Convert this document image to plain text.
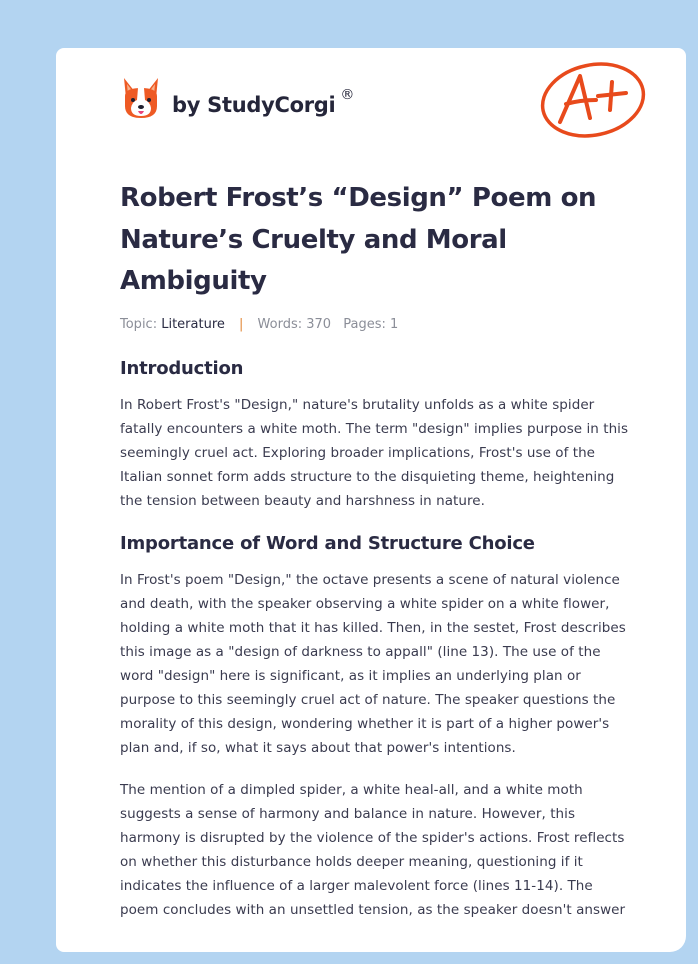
by StudyCorgi ®
Robert Frost’s “Design” Poem on Nature’s Cruelty and Moral Ambiguity
Topic: Literature | Words: 370 Pages: 1
Introduction

In Robert Frost's "Design," nature's brutality unfolds as a white spider fatally encounters a white moth. The term "design" implies purpose in this seemingly cruel act. Exploring broader implications, Frost's use of the Italian sonnet form adds structure to the disquieting theme, heightening the tension between beauty and harshness in nature.

Importance of Word and Structure Choice

In Frost's poem "Design," the octave presents a scene of natural violence and death, with the speaker observing a white spider on a white flower, holding a white moth that it has killed. Then, in the sestet, Frost describes this image as a "design of darkness to appall" (line 13). The use of the word "design" here is significant, as it implies an underlying plan or purpose to this seemingly cruel act of nature. The speaker questions the morality of this design, wondering whether it is part of a higher power's plan and, if so, what it says about that power's intentions.

The mention of a dimpled spider, a white heal-all, and a white moth suggests a sense of harmony and balance in nature. However, this harmony is disrupted by the violence of the spider's actions. Frost reflects on whether this disturbance holds deeper meaning, questioning if it indicates the influence of a larger malevolent force (lines 11-14). The poem concludes with an unsettled tension, as the speaker doesn't answer
